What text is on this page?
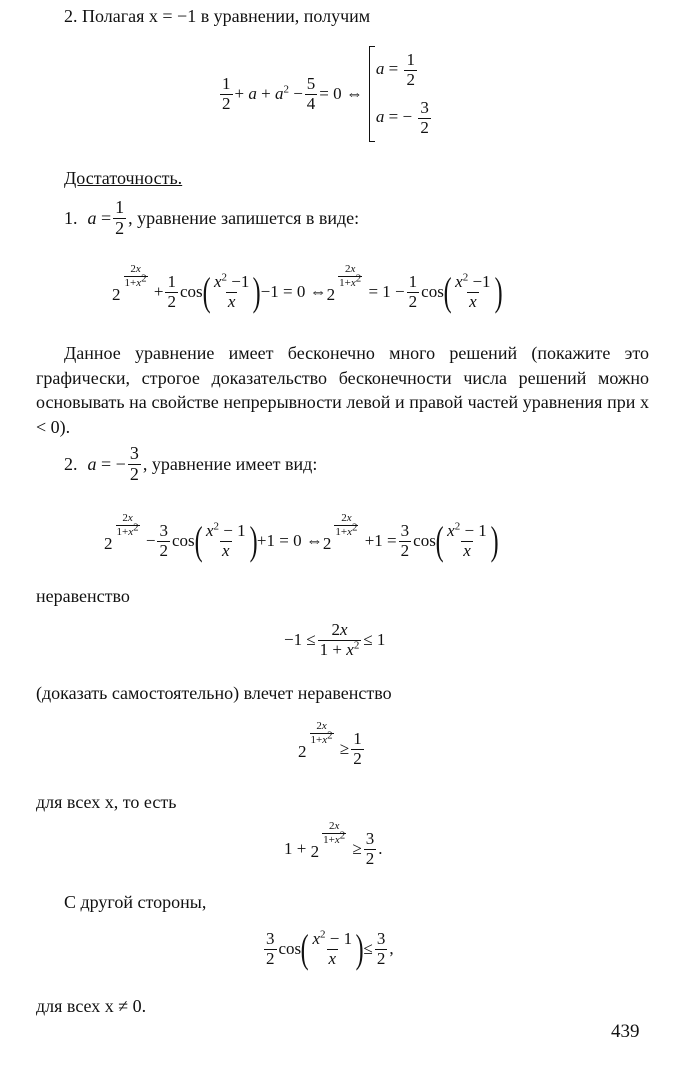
2. Полагая x = −1 в уравнении, получим
$\frac{1}{2} + a + a^2 - \frac{5}{4} = 0$ ⇔
$a = \frac{1}{2}$
a = − $\frac{3}{2}$
Достаточность.
1. $a = \frac{1}{2}$ , уравнение запишется в виде:
2
$\frac{2x}{1+x^2}$
+ $\frac{1}{2}$ cos ( $\frac{x^2 -1}{x}$ ) −1 = 0 ⇔ 2
$\frac{2x}{1+x^2}$
= $1 - \frac{1}{2}$ cos ( $\frac{x^2 -1}{x}$ )
Данное уравнение имеет бесконечно много решений (покажите это графически, строгое доказательство бесконечности числа решений можно основывать на свойстве непрерывности левой и правой частей уравнения при x < 0).
2. a = − $\frac{3}{2}$ , уравнение имеет вид:
2
$\frac{2x}{1+x^2}$
− $\frac{3}{2}$ cos ( $\frac{x^2 - 1}{x}$ ) +1 = 0 ⇔ 2
$\frac{2x}{1+x^2}$
$+1 = \frac{3}{2}$ cos ( $\frac{x^2 - 1}{x}$ )
неравенство
$-1 \le \frac{2x}{1 + x^2} \le 1$
(доказать самостоятельно) влечет неравенство
2
$\frac{2x}{1+x^2}$
≥ $\frac{1}{2}$
для всех x, то есть
1 + 2
$\frac{2x}{1+x^2}$
≥ $\frac{3}{2}$ .
С другой стороны,
$\frac{3}{2}$ cos ( $\frac{x^2 - 1}{x}$ ) ≤ $\frac{3}{2}$ ,
для всех x ≠ 0.
439
